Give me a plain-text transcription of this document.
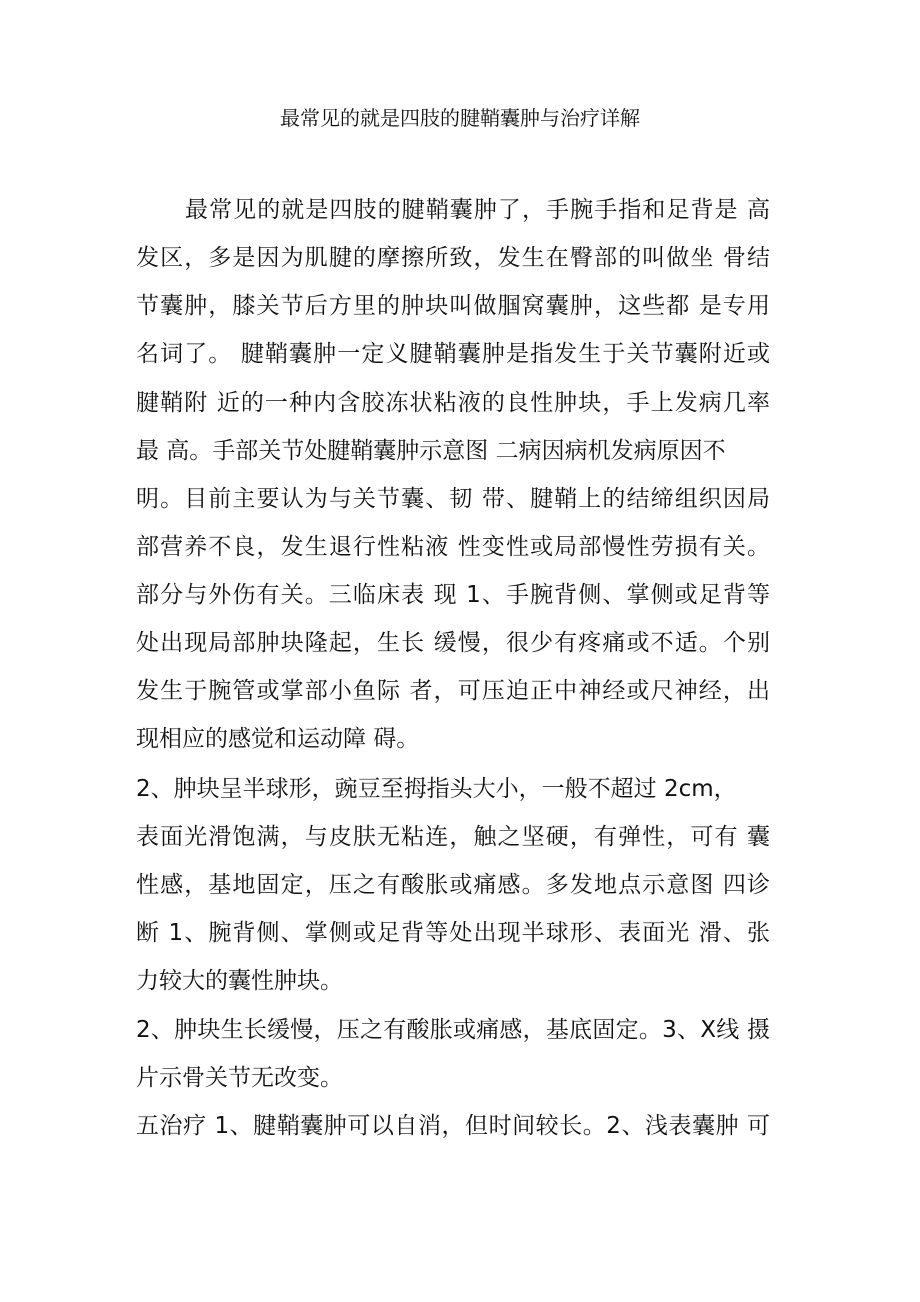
最常见的就是四肢的腱鞘囊肿与治疗详解
最常见的就是四肢的腱鞘囊肿了，手腕手指和足背是 高
发区，多是因为肌腱的摩擦所致，发生在臀部的叫做坐 骨结
节囊肿，膝关节后方里的肿块叫做腘窝囊肿，这些都 是专用
名词了。 腱鞘囊肿一定义腱鞘囊肿是指发生于关节囊附近或
腱鞘附 近的一种内含胶冻状粘液的良性肿块，手上发病几率
最 高。手部关节处腱鞘囊肿示意图 二病因病机发病原因不
明。目前主要认为与关节囊、韧 带、腱鞘上的结缔组织因局
部营养不良，发生退行性粘液 性变性或局部慢性劳损有关。
部分与外伤有关。三临床表 现 1、手腕背侧、掌侧或足背等
处出现局部肿块隆起，生长 缓慢，很少有疼痛或不适。个别
发生于腕管或掌部小鱼际 者，可压迫正中神经或尺神经，出
现相应的感觉和运动障 碍。
2、肿块呈半球形，豌豆至拇指头大小，一般不超过 2cm，
表面光滑饱满，与皮肤无粘连，触之坚硬，有弹性，可有 囊
性感，基地固定，压之有酸胀或痛感。多发地点示意图 四诊
断 1、腕背侧、掌侧或足背等处出现半球形、表面光 滑、张
力较大的囊性肿块。
2、肿块生长缓慢，压之有酸胀或痛感，基底固定。3、X线 摄
片示骨关节无改变。
五治疗 1、腱鞘囊肿可以自消，但时间较长。2、浅表囊肿 可
